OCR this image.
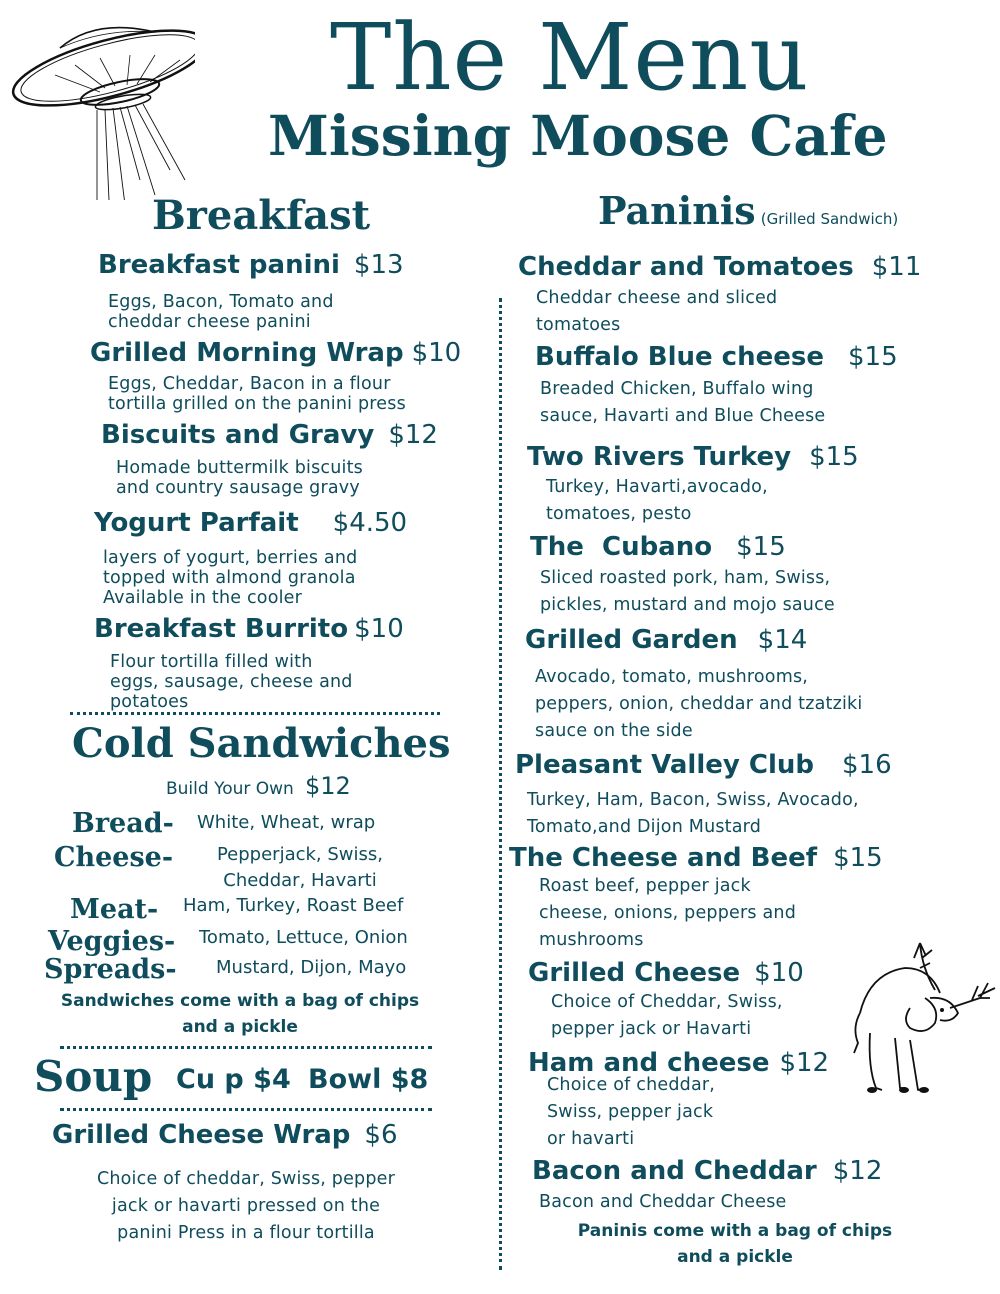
The Menu
Missing Moose Cafe
Breakfast
Breakfast panini $13
Eggs, Bacon, Tomato and
cheddar cheese panini
Grilled Morning Wrap $10
Eggs, Cheddar, Bacon in a flour
tortilla grilled on the panini press
Biscuits and Gravy $12
Homade buttermilk biscuits
and country sausage gravy
Yogurt Parfait $4.50
layers of yogurt, berries and
topped with almond granola
Available in the cooler
Breakfast Burrito $10
Flour tortilla filled with
eggs, sausage, cheese and
potatoes
Cold Sandwiches
Build Your Own $12
Bread- White, Wheat, wrap
Cheese-	Pepperjack, Swiss,
Cheddar, Havarti
Meat- Ham, Turkey, Roast Beef
Veggies- Tomato, Lettuce, Onion
Spreads- Mustard, Dijon, Mayo
Sandwiches come with a bag of chips
and a pickle
Soup Cu p $4 Bowl $8
Grilled Cheese Wrap $6
Choice of cheddar, Swiss, pepper
jack or havarti pressed on the
panini Press in a flour tortilla
Paninis (Grilled Sandwich)
Cheddar and Tomatoes $11
Cheddar cheese and sliced
tomatoes
Buffalo Blue cheese $15
Breaded Chicken, Buffalo wing
sauce, Havarti and Blue Cheese
Two Rivers Turkey $15
Turkey, Havarti,avocado,
tomatoes, pesto
The  Cubano $15
Sliced roasted pork, ham, Swiss,
pickles, mustard and mojo sauce
Grilled Garden $14
Avocado, tomato, mushrooms,
peppers, onion, cheddar and tzatziki
sauce on the side
Pleasant Valley Club $16
Turkey, Ham, Bacon, Swiss, Avocado,
Tomato,and Dijon Mustard
The Cheese and Beef $15
Roast beef, pepper jack
cheese, onions, peppers and
mushrooms
Grilled Cheese $10
Choice of Cheddar, Swiss,
pepper jack or Havarti
Ham and cheese $12
Choice of cheddar,
Swiss, pepper jack
or havarti
Bacon and Cheddar $12
Bacon and Cheddar Cheese
Paninis come with a bag of chips
and a pickle
